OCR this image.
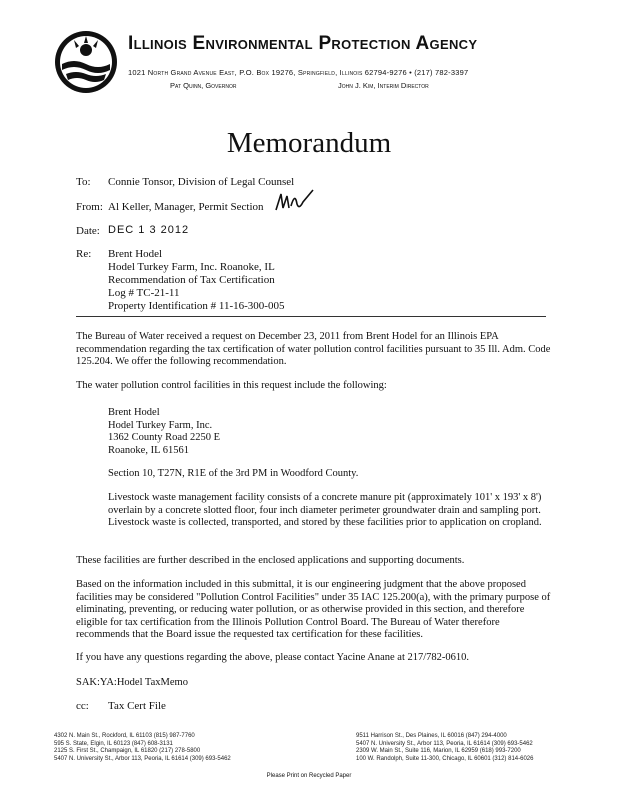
Illinois Environmental Protection Agency
1021 North Grand Avenue East, P.O. Box 19276, Springfield, Illinois 62794-9276 • (217) 782-3397
Pat Quinn, Governor	John J. Kim, Interim Director
Memorandum
To: Connie Tonsor, Division of Legal Counsel
From: Al Keller, Manager, Permit Section
Date: DEC 1 3 2012
Re: Brent Hodel
Hodel Turkey Farm, Inc. Roanoke, IL
Recommendation of Tax Certification
Log # TC-21-11
Property Identification # 11-16-300-005
The Bureau of Water received a request on December 23, 2011 from Brent Hodel for an Illinois EPA recommendation regarding the tax certification of water pollution control facilities pursuant to 35 Ill. Adm. Code 125.204. We offer the following recommendation.
The water pollution control facilities in this request include the following:
Brent Hodel
Hodel Turkey Farm, Inc.
1362 County Road 2250 E
Roanoke, IL 61561
Section 10, T27N, R1E of the 3rd PM in Woodford County.
Livestock waste management facility consists of a concrete manure pit (approximately 101' x 193' x 8') overlain by a concrete slotted floor, four inch diameter perimeter groundwater drain and sampling port. Livestock waste is collected, transported, and stored by these facilities prior to application on cropland.
These facilities are further described in the enclosed applications and supporting documents.
Based on the information included in this submittal, it is our engineering judgment that the above proposed facilities may be considered "Pollution Control Facilities" under 35 IAC 125.200(a), with the primary purpose of eliminating, preventing, or reducing water pollution, or as otherwise provided in this section, and therefore eligible for tax certification from the Illinois Pollution Control Board. The Bureau of Water therefore recommends that the Board issue the requested tax certification for these facilities.
If you have any questions regarding the above, please contact Yacine Anane at 217/782-0610.
SAK:YA:Hodel TaxMemo
cc: Tax Cert File
4302 N. Main St., Rockford, IL 61103 (815) 987-7760
595 S. State, Elgin, IL 60123 (847) 608-3131
2125 S. First St., Champaign, IL 61820 (217) 278-5800
5407 N. University St., Arbor 113, Peoria, IL 61614 (309) 693-5462
9511 Harrison St., Des Plaines, IL 60016 (847) 294-4000
5407 N. University St., Arbor 113, Peoria, IL 61614 (309) 693-5462
2309 W. Main St., Suite 116, Marion, IL 62959 (618) 993-7200
100 W. Randolph, Suite 11-300, Chicago, IL 60601 (312) 814-6026
Please Print on Recycled Paper
